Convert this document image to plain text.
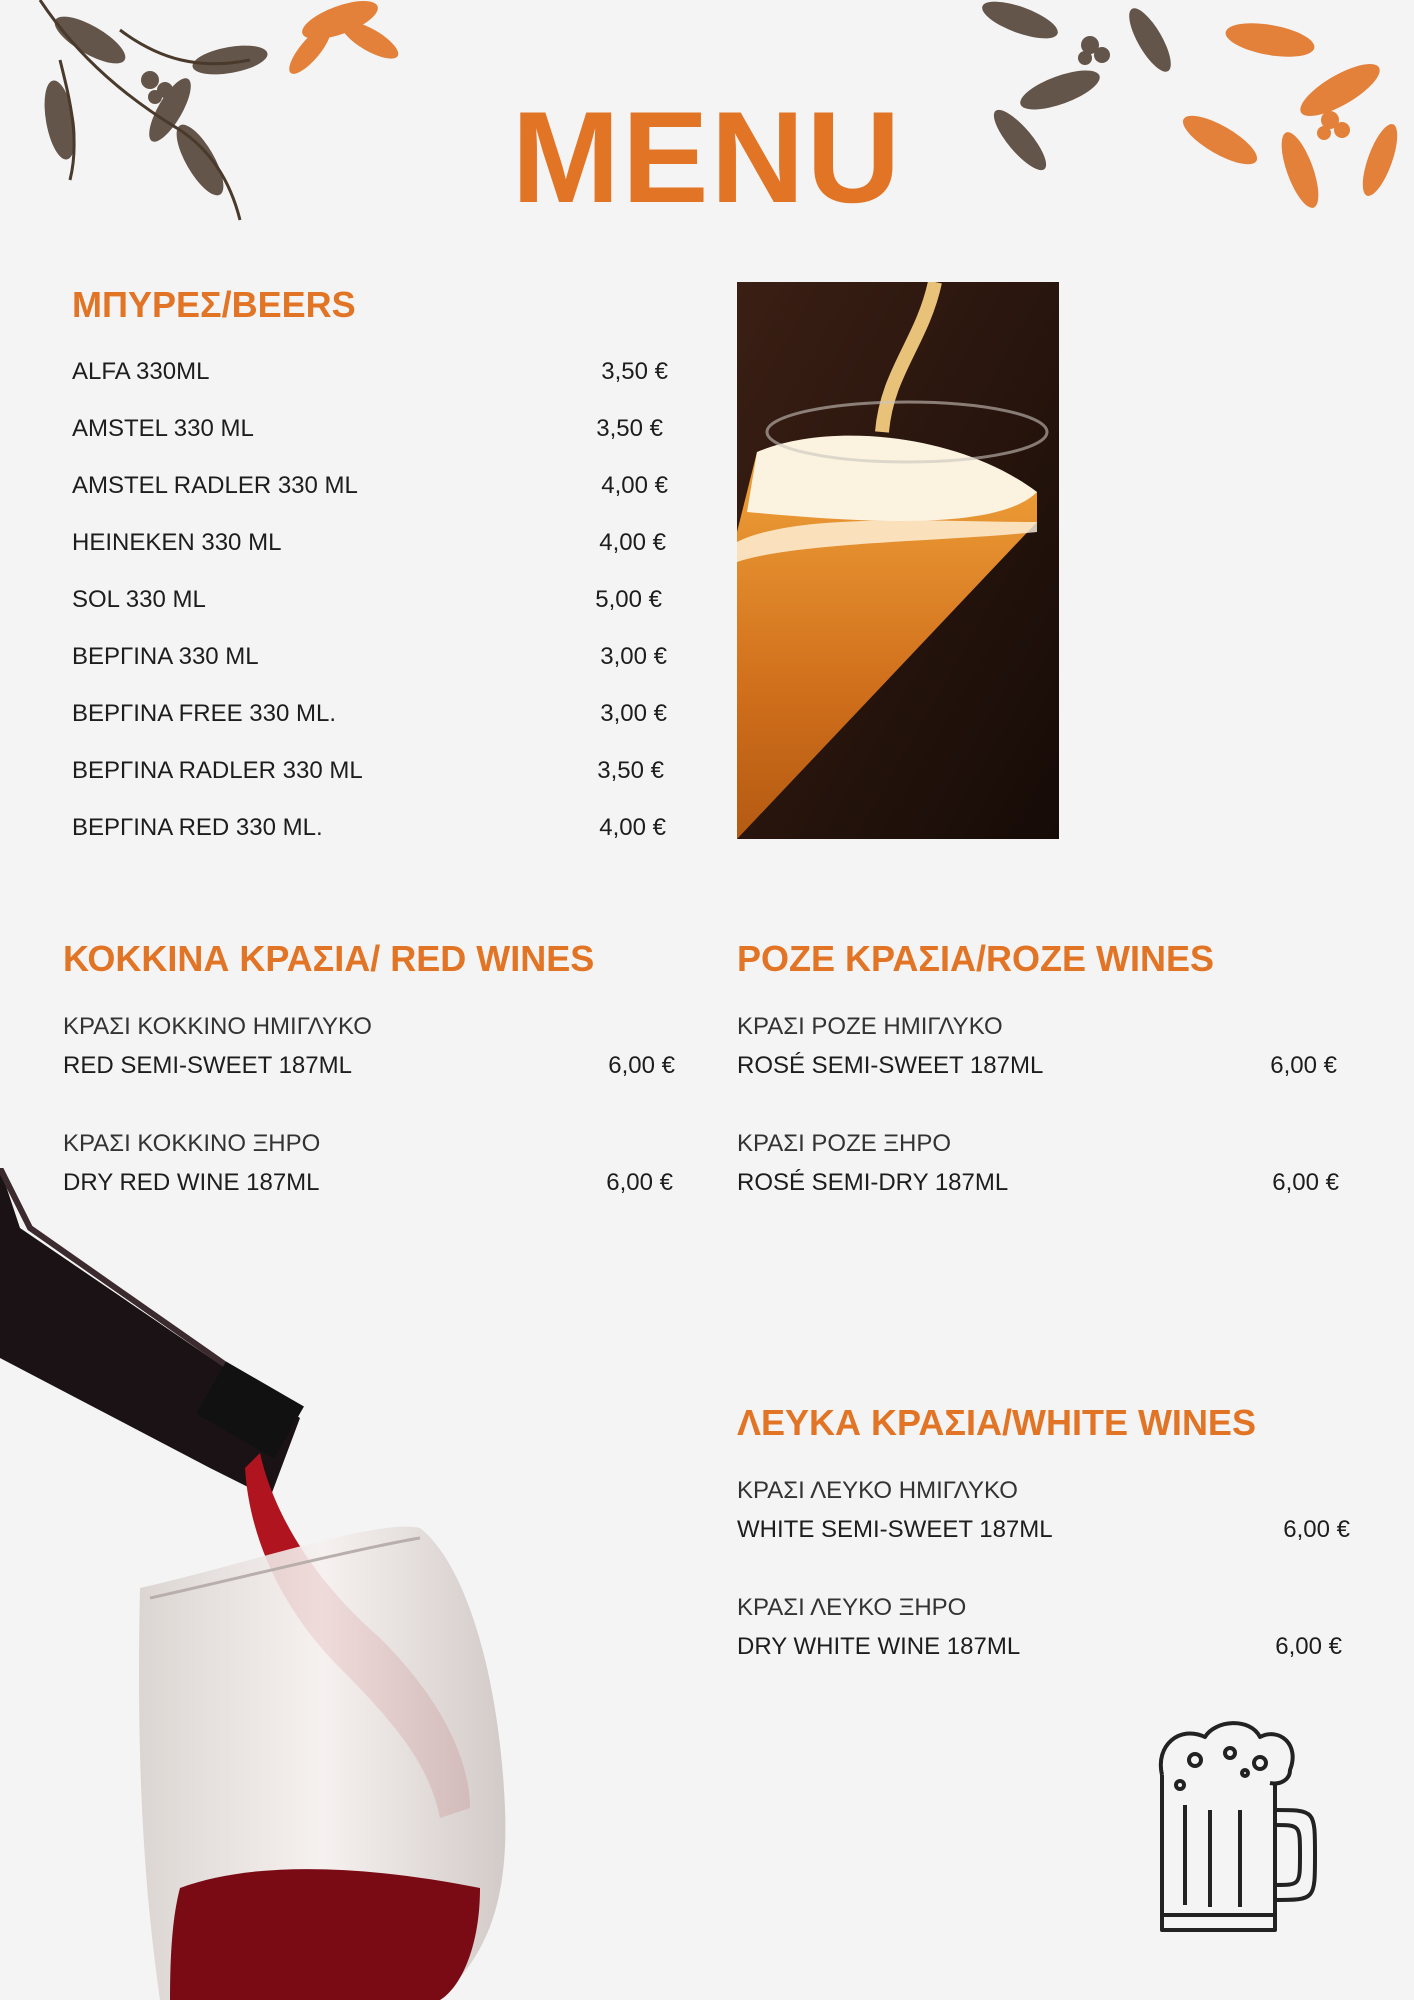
MENU
ΜΠΥΡΕΣ/BEERS
ALFA 330ML	3,50 €
AMSTEL 330 ML	3,50 €
AMSTEL RADLER 330 ML	4,00 €
HEINEKEN 330 ML	4,00 €
SOL 330 ML	5,00 €
ΒΕΡΓΙΝΑ 330 ML	3,00 €
ΒΕΡΓΙΝΑ FREE 330 ML.	3,00 €
ΒΕΡΓΙΝΑ RADLER 330 ML	3,50 €
ΒΕΡΓΙΝΑ RED 330 ML.	4,00 €
ΚΟΚΚΙΝΑ ΚΡΑΣΙΑ/ RED WINES
ΚΡΑΣΙ ΚΟΚΚΙΝΟ ΗΜΙΓΛΥΚΟ
RED SEMI-SWEET 187ML	6,00 €
ΚΡΑΣΙ ΚΟΚΚΙΝΟ ΞΗΡΟ
DRY RED WINE 187ML	6,00 €
ΡΟΖΕ ΚΡΑΣΙΑ/ROZE WINES
ΚΡΑΣΙ ΡΟΖΕ ΗΜΙΓΛΥΚΟ
ROSÉ SEMI-SWEET 187ML	6,00 €
ΚΡΑΣΙ ΡΟΖΕ ΞΗΡΟ
ROSÉ SEMI-DRY 187ML	6,00 €
ΛΕΥΚΑ ΚΡΑΣΙΑ/WHITE WINES
ΚΡΑΣΙ ΛΕΥΚΟ ΗΜΙΓΛΥΚΟ
WHITE SEMI-SWEET 187ML	6,00 €
ΚΡΑΣΙ ΛΕΥΚΟ ΞΗΡΟ
DRY WHITE WINE 187ML	6,00 €
